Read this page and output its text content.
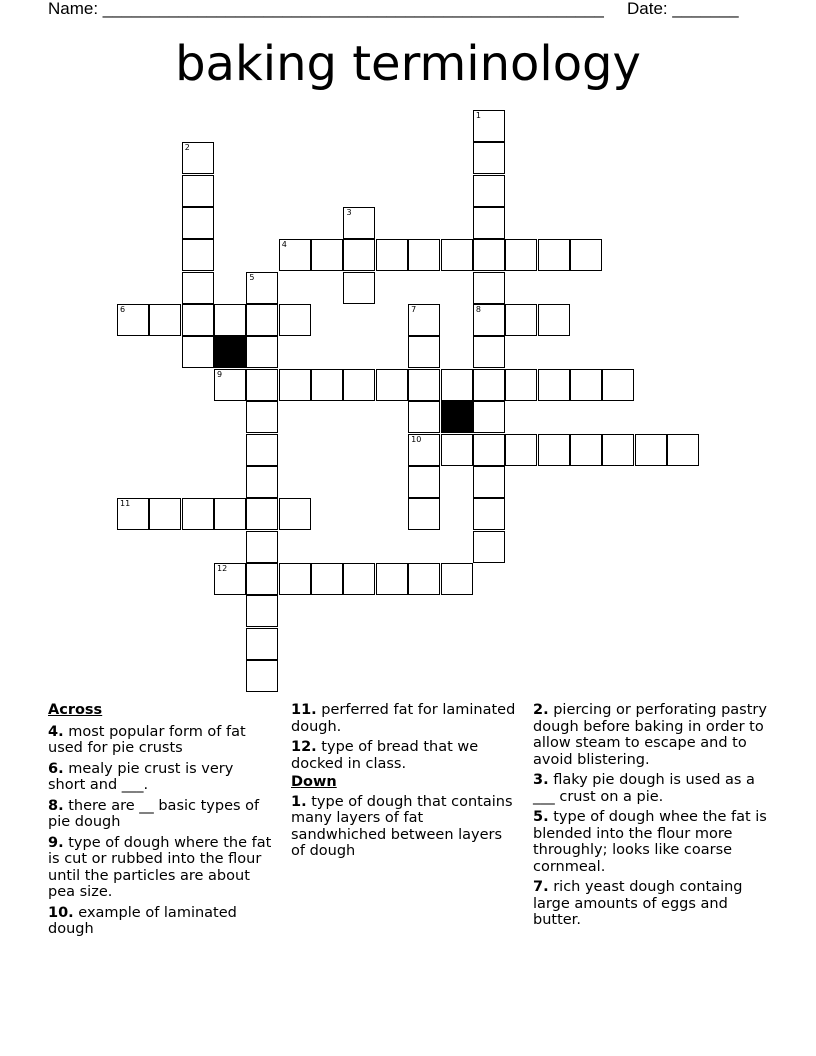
Name: _____________________________________________________ Date: _______
baking terminology
1
8
2
3
5
7
10
4
6
9
11
12
Across
4. most popular form of fat used for pie crusts
6. mealy pie crust is very short and ___.
8. there are __ basic types of pie dough
9. type of dough where the fat is cut or rubbed into the flour until the particles are about pea size.
10. example of laminated dough
11. perferred fat for laminated dough.
12. type of bread that we docked in class.
Down
1. type of dough that contains many layers of fat sandwhiched between layers of dough
2. piercing or perforating pastry dough before baking in order to allow steam to escape and to avoid blistering.
3. flaky pie dough is used as a ___ crust on a pie.
5. type of dough whee the fat is blended into the flour more throughly; looks like coarse cornmeal.
7. rich yeast dough containg large amounts of eggs and butter.
